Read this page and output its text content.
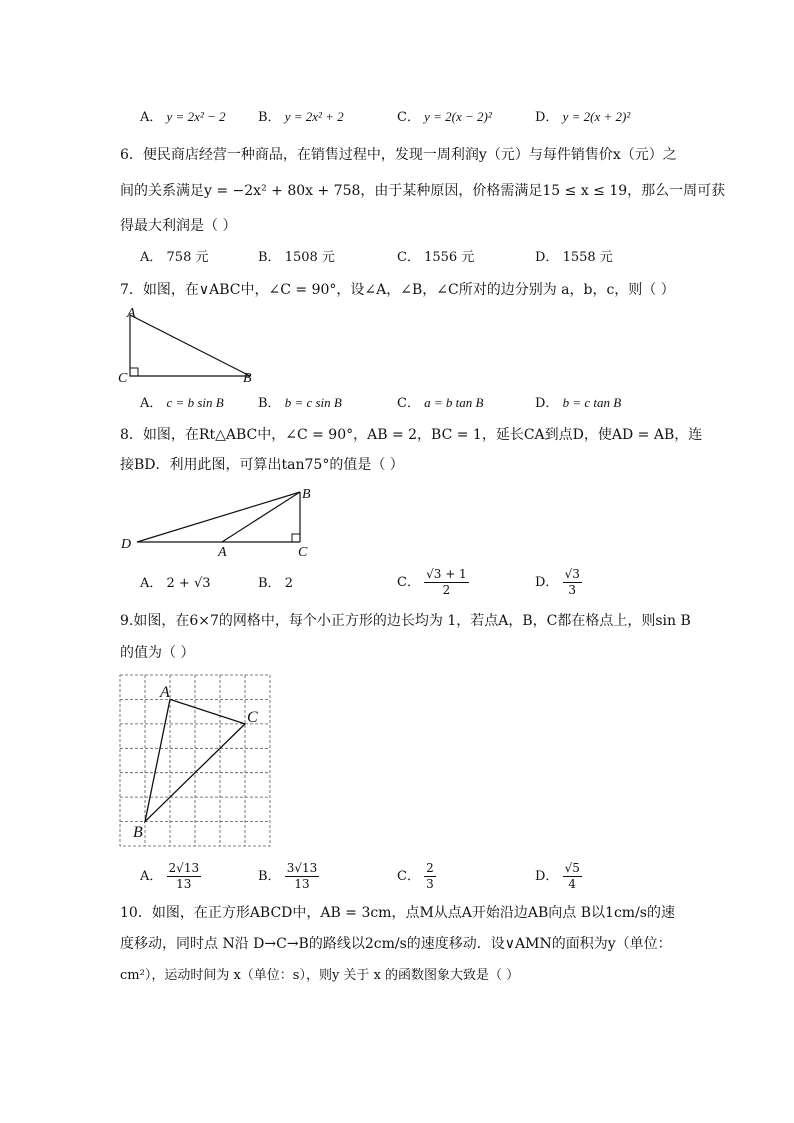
A． y = 2x² − 2 B． y = 2x² + 2	C． y = 2(x − 2)²	D． y = 2(x + 2)²
6．便民商店经营一种商品，在销售过程中，发现一周利润y（元）与每件销售价x（元）之
间的关系满足y = −2x² + 80x + 758，由于某种原因，价格需满足15 ≤ x ≤ 19，那么一周可获
得最大利润是（ ）
A． 758 元	B． 1508 元	C． 1556 元	D． 1558 元
7．如图，在∨ABC中，∠C = 90°，设∠A，∠B，∠C所对的边分别为 a，b，c，则（ ）
A
C	B
A． c = b sin B	B． b = c sin B	C． a = b tan B	D． b = c tan B
8．如图，在Rt△ABC中，∠C = 90°，AB = 2，BC = 1，延长CA到点D，使AD = AB，连
接BD．利用此图，可算出tan75°的值是（ ）
B
D
A	C
A． 2 + √3	B． 2	C． $\frac{√3 + 1}{2}$	D． $\frac{√3}{3}$
9.如图，在6×7的网格中，每个小正方形的边长均为 1，若点A，B，C都在格点上，则sin B
的值为（ ）
A
C
B
A． $\frac{2√13}{13}$	B． $\frac{3√13}{13}$	C． $\frac{2}{3}$	D． $\frac{√5}{4}$
10．如图，在正方形ABCD中，AB = 3cm，点M从点A开始沿边AB向点 B以1cm/s的速
度移动，同时点 N沿 D→C→B的路线以2cm/s的速度移动．设∨AMN的面积为y（单位：
cm²），运动时间为 x（单位：s），则y 关于 x 的函数图象大致是（ ）
